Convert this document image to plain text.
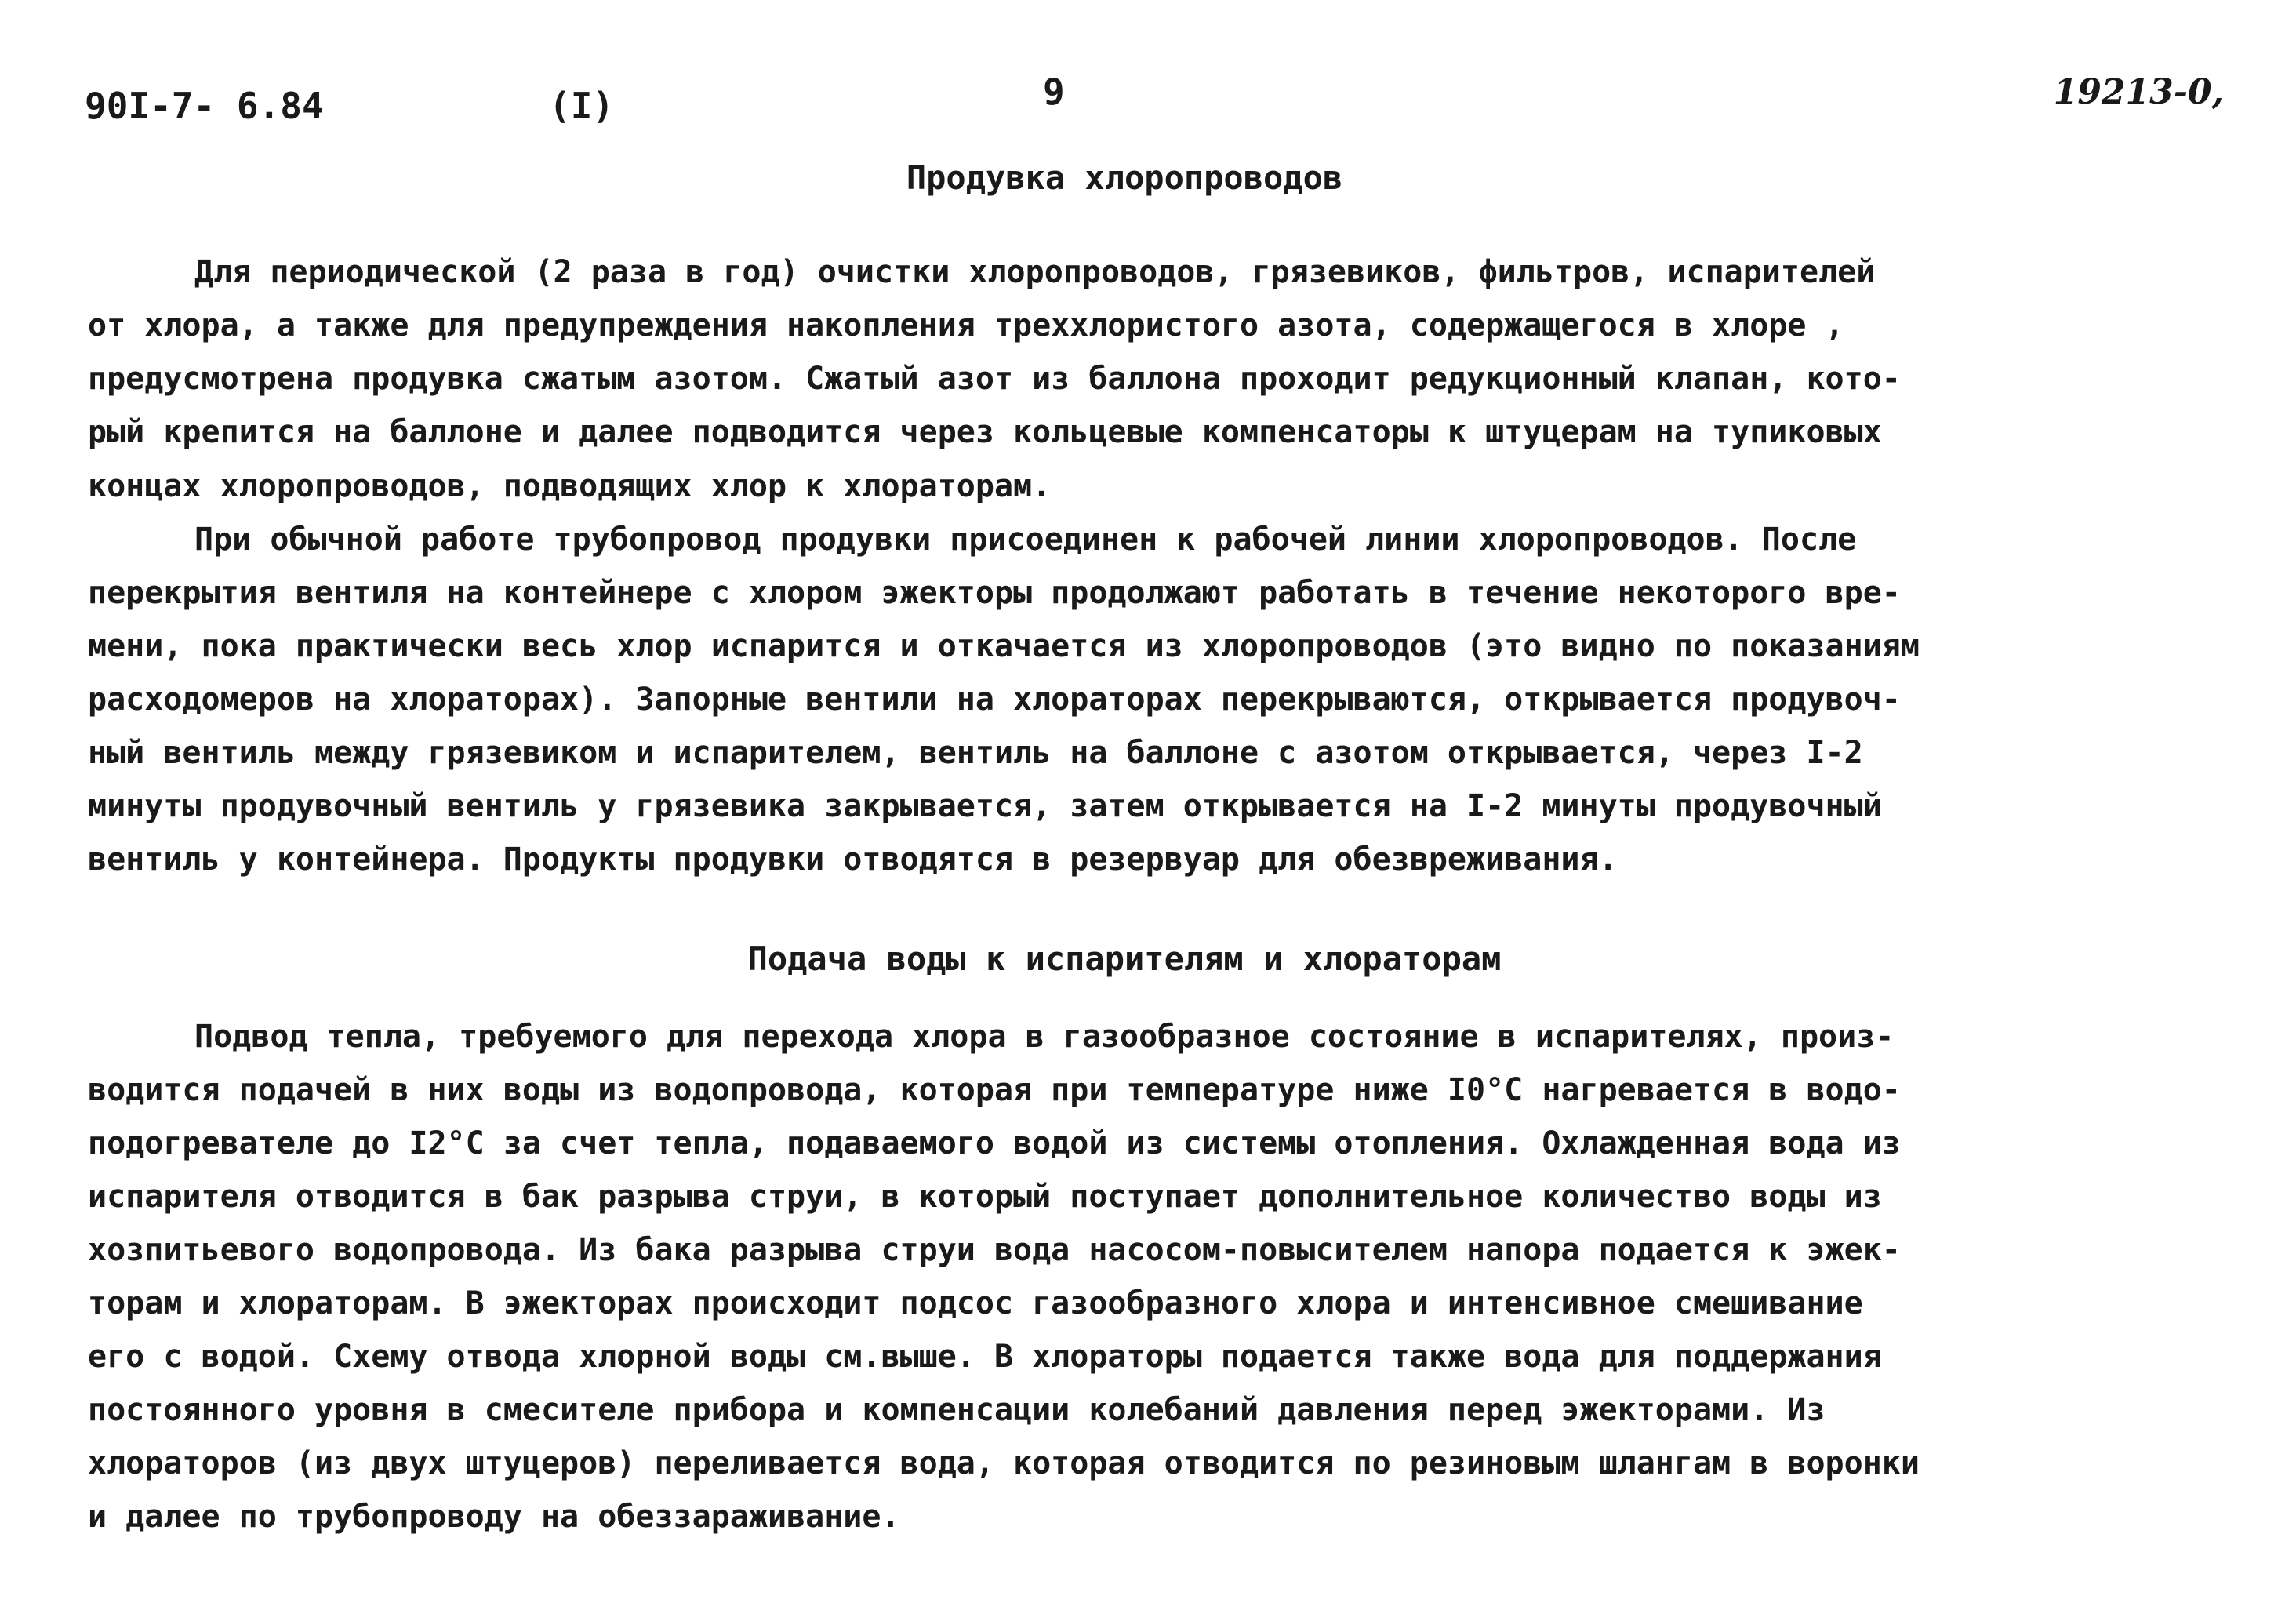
90I-7- 6.84	(I)	9	19213-0,
Продувка хлоропроводов
Для периодической (2 раза в год) очистки хлоропроводов, грязевиков, фильтров, испарителей
от хлора, а также для предупреждения накопления треххлористого азота, содержащегося в хлоре ,
предусмотрена продувка сжатым азотом. Сжатый азот из баллона проходит редукционный клапан, кото-
рый крепится на баллоне и далее подводится через кольцевые компенсаторы к штуцерам на тупиковых
концах хлоропроводов, подводящих хлор к хлораторам.
При обычной работе трубопровод продувки присоединен к рабочей линии хлоропроводов. После
перекрытия вентиля на контейнере с хлором эжекторы продолжают работать в течение некоторого вре-
мени, пока практически весь хлор испарится и откачается из хлоропроводов (это видно по показаниям
расходомеров на хлораторах). Запорные вентили на хлораторах перекрываются, открывается продувоч-
ный вентиль между грязевиком и испарителем, вентиль на баллоне с азотом открывается, через I-2
минуты продувочный вентиль у грязевика закрывается, затем открывается на I-2 минуты продувочный
вентиль у контейнера. Продукты продувки отводятся в резервуар для обезвреживания.
Подача воды к испарителям и хлораторам
Подвод тепла, требуемого для перехода хлора в газообразное состояние в испарителях, произ-
водится подачей в них воды из водопровода, которая при температуре ниже I0°C нагревается в водо-
подогревателе до I2°C за счет тепла, подаваемого водой из системы отопления. Охлажденная вода из
испарителя отводится в бак разрыва струи, в который поступает дополнительное количество воды из
хозпитьевого водопровода. Из бака разрыва струи вода насосом-повысителем напора подается к эжек-
торам и хлораторам. В эжекторах происходит подсос газообразного хлора и интенсивное смешивание
его с водой. Схему отвода хлорной воды см.выше. В хлораторы подается также вода для поддержания
постоянного уровня в смесителе прибора и компенсации колебаний давления перед эжекторами. Из
хлораторов (из двух штуцеров) переливается вода, которая отводится по резиновым шлангам в воронки
и далее по трубопроводу на обеззараживание.
